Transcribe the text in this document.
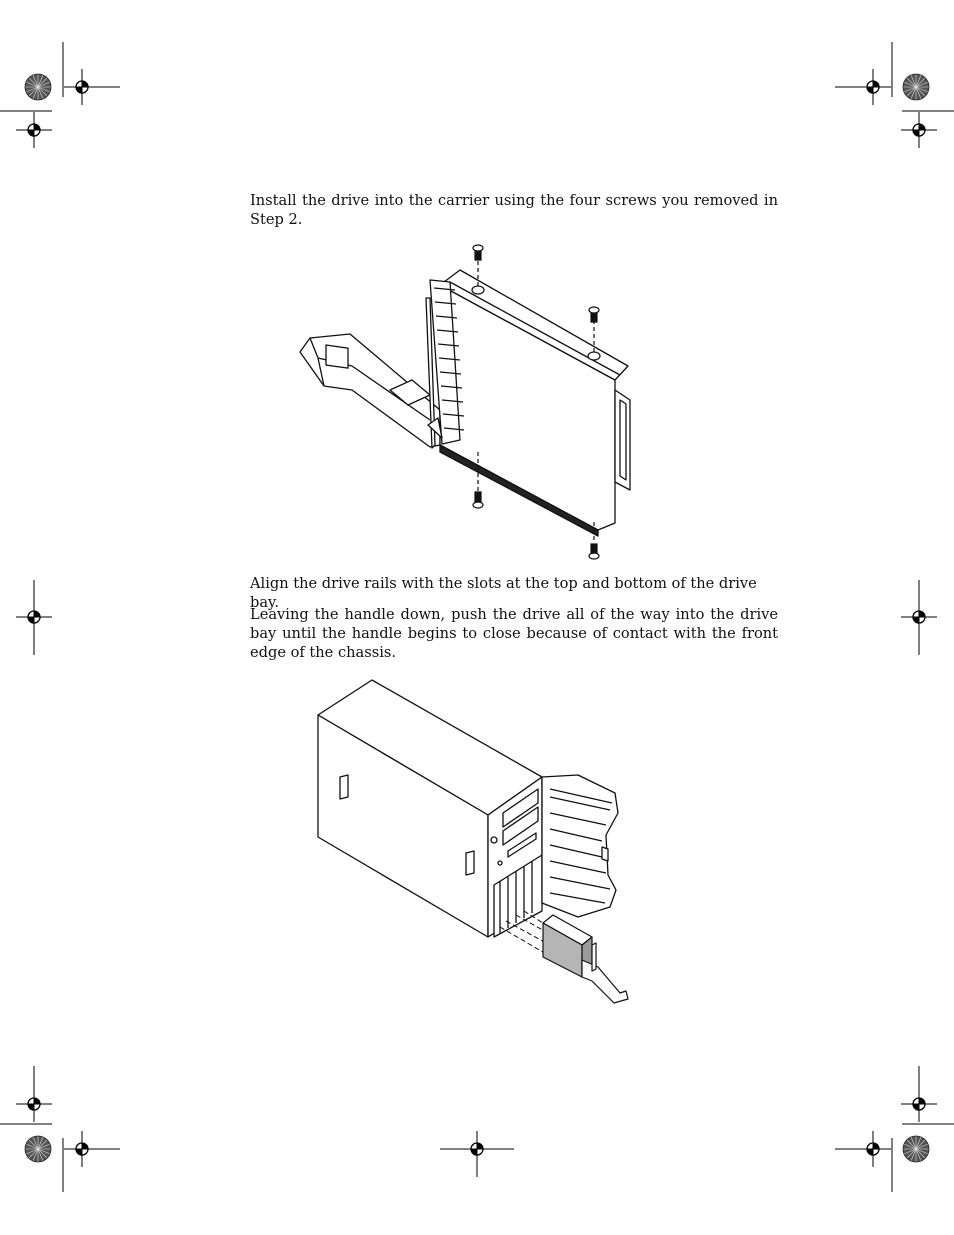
Install the drive into the carrier using the four screws you removed in Step 2.

Align the drive rails with the slots at the top and bottom of the drive bay.

Leaving the handle down, push the drive all of the way into the drive bay until the handle begins to close because of contact with the front edge of the chassis.
